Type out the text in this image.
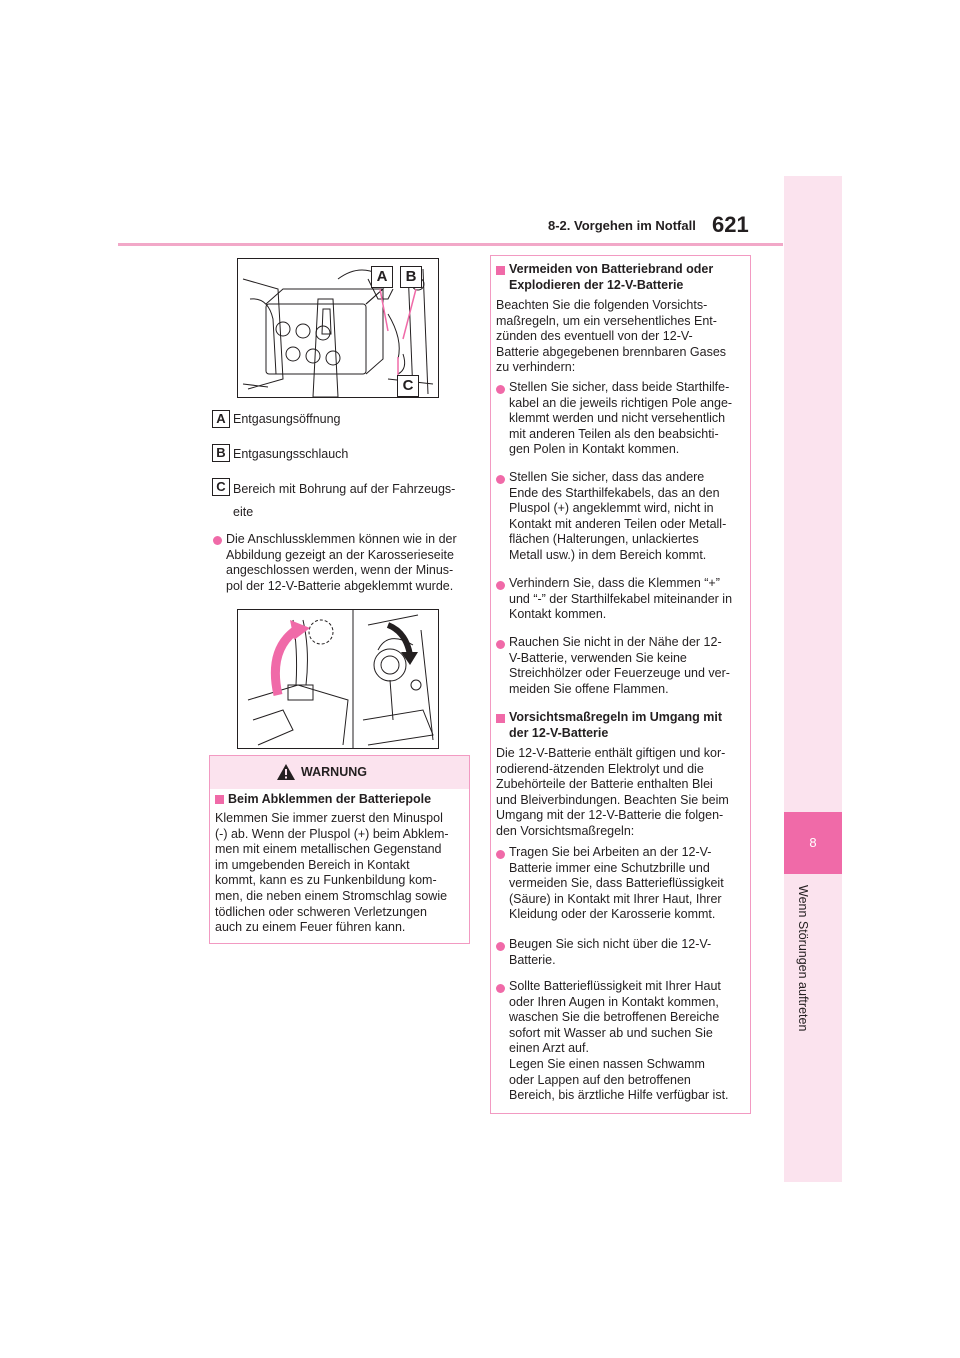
8-2. Vorgehen im Notfall 621
8
Wenn Störungen auftreten
A	B
C
A Entgasungsöffnung
B Entgasungsschlauch
C Bereich mit Bohrung auf der Fahrzeugs-
eite
Die Anschlussklemmen können wie in der
Abbildung gezeigt an der Karosserieseite
angeschlossen werden, wenn der Minus-
pol der 12-V-Batterie abgeklemmt wurde.
WARNUNG
Beim Abklemmen der Batteriepole
Klemmen Sie immer zuerst den Minuspol
(-) ab. Wenn der Pluspol (+) beim Abklem-
men mit einem metallischen Gegenstand
im umgebenden Bereich in Kontakt
kommt, kann es zu Funkenbildung kom-
men, die neben einem Stromschlag sowie
tödlichen oder schweren Verletzungen
auch zu einem Feuer führen kann.
Vermeiden von Batteriebrand oder
Explodieren der 12-V-Batterie
Beachten Sie die folgenden Vorsichts-
maßregeln, um ein versehentliches Ent-
zünden des eventuell von der 12-V-
Batterie abgegebenen brennbaren Gases
zu verhindern:
Stellen Sie sicher, dass beide Starthilfe-
kabel an die jeweils richtigen Pole ange-
klemmt werden und nicht versehentlich
mit anderen Teilen als den beabsichti-
gen Polen in Kontakt kommen.
Stellen Sie sicher, dass das andere
Ende des Starthilfekabels, das an den
Pluspol (+) angeklemmt wird, nicht in
Kontakt mit anderen Teilen oder Metall-
flächen (Halterungen, unlackiertes
Metall usw.) in dem Bereich kommt.
Verhindern Sie, dass die Klemmen “+”
und “-” der Starthilfekabel miteinander in
Kontakt kommen.
Rauchen Sie nicht in der Nähe der 12-
V-Batterie, verwenden Sie keine
Streichhölzer oder Feuerzeuge und ver-
meiden Sie offene Flammen.
Vorsichtsmaßregeln im Umgang mit
der 12-V-Batterie
Die 12-V-Batterie enthält giftigen und kor-
rodierend-ätzenden Elektrolyt und die
Zubehörteile der Batterie enthalten Blei
und Bleiverbindungen. Beachten Sie beim
Umgang mit der 12-V-Batterie die folgen-
den Vorsichtsmaßregeln:
Tragen Sie bei Arbeiten an der 12-V-
Batterie immer eine Schutzbrille und
vermeiden Sie, dass Batterieflüssigkeit
(Säure) in Kontakt mit Ihrer Haut, Ihrer
Kleidung oder der Karosserie kommt.
Beugen Sie sich nicht über die 12-V-
Batterie.
Sollte Batterieflüssigkeit mit Ihrer Haut
oder Ihren Augen in Kontakt kommen,
waschen Sie die betroffenen Bereiche
sofort mit Wasser ab und suchen Sie
einen Arzt auf.
Legen Sie einen nassen Schwamm
oder Lappen auf den betroffenen
Bereich, bis ärztliche Hilfe verfügbar ist.
